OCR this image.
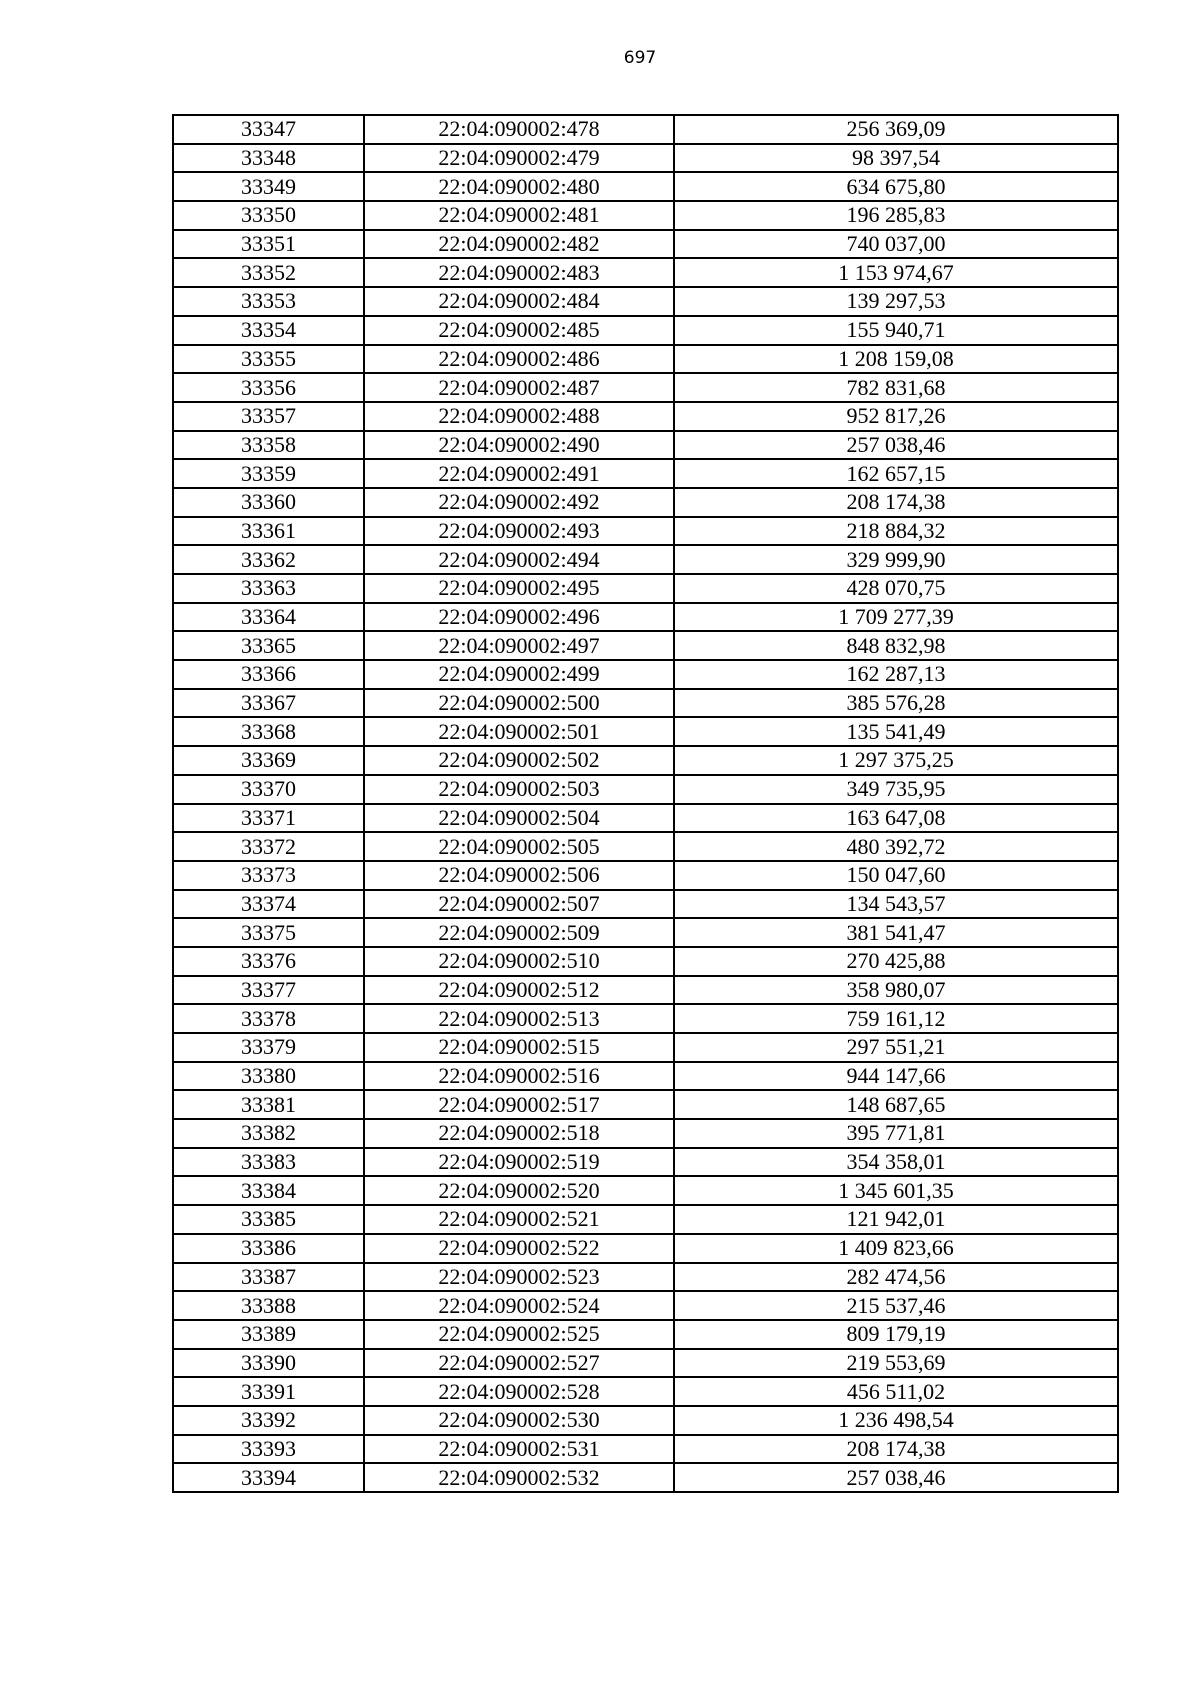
697
33347	22:04:090002:478	256 369,09
33348	22:04:090002:479	98 397,54
33349	22:04:090002:480	634 675,80
33350	22:04:090002:481	196 285,83
33351	22:04:090002:482	740 037,00
33352	22:04:090002:483	1 153 974,67
33353	22:04:090002:484	139 297,53
33354	22:04:090002:485	155 940,71
33355	22:04:090002:486	1 208 159,08
33356	22:04:090002:487	782 831,68
33357	22:04:090002:488	952 817,26
33358	22:04:090002:490	257 038,46
33359	22:04:090002:491	162 657,15
33360	22:04:090002:492	208 174,38
33361	22:04:090002:493	218 884,32
33362	22:04:090002:494	329 999,90
33363	22:04:090002:495	428 070,75
33364	22:04:090002:496	1 709 277,39
33365	22:04:090002:497	848 832,98
33366	22:04:090002:499	162 287,13
33367	22:04:090002:500	385 576,28
33368	22:04:090002:501	135 541,49
33369	22:04:090002:502	1 297 375,25
33370	22:04:090002:503	349 735,95
33371	22:04:090002:504	163 647,08
33372	22:04:090002:505	480 392,72
33373	22:04:090002:506	150 047,60
33374	22:04:090002:507	134 543,57
33375	22:04:090002:509	381 541,47
33376	22:04:090002:510	270 425,88
33377	22:04:090002:512	358 980,07
33378	22:04:090002:513	759 161,12
33379	22:04:090002:515	297 551,21
33380	22:04:090002:516	944 147,66
33381	22:04:090002:517	148 687,65
33382	22:04:090002:518	395 771,81
33383	22:04:090002:519	354 358,01
33384	22:04:090002:520	1 345 601,35
33385	22:04:090002:521	121 942,01
33386	22:04:090002:522	1 409 823,66
33387	22:04:090002:523	282 474,56
33388	22:04:090002:524	215 537,46
33389	22:04:090002:525	809 179,19
33390	22:04:090002:527	219 553,69
33391	22:04:090002:528	456 511,02
33392	22:04:090002:530	1 236 498,54
33393	22:04:090002:531	208 174,38
33394	22:04:090002:532	257 038,46
